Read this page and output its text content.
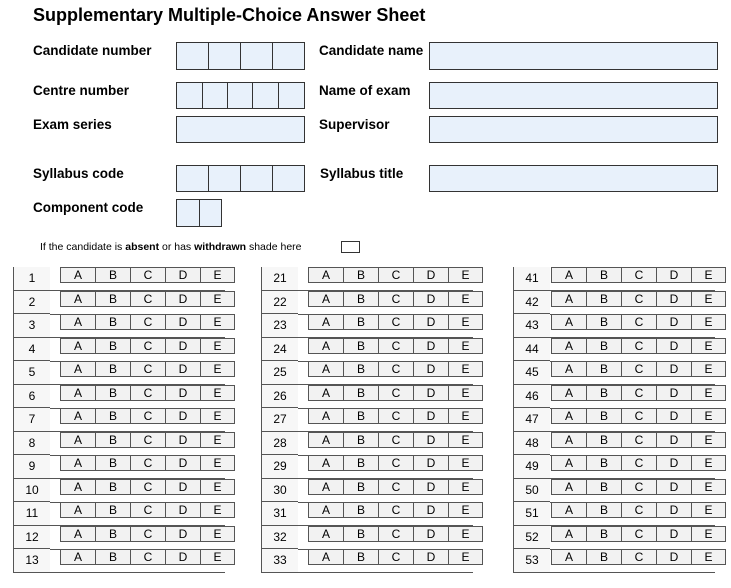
Supplementary Multiple-Choice Answer Sheet
Candidate number
Centre number
Exam series
Syllabus code
Component code
Candidate name
Name of exam
Supervisor
Syllabus title
If the candidate is absent or has withdrawn shade here
1	A	B	C	D	E
2	A	B	C	D	E
3	A	B	C	D	E
4	A	B	C	D	E
5	A	B	C	D	E
6	A	B	C	D	E
7	A	B	C	D	E
8	A	B	C	D	E
9	A	B	C	D	E
10	A	B	C	D	E
11	A	B	C	D	E
12	A	B	C	D	E
13	A	B	C	D	E
21	A	B	C	D	E
22	A	B	C	D	E
23	A	B	C	D	E
24	A	B	C	D	E
25	A	B	C	D	E
26	A	B	C	D	E
27	A	B	C	D	E
28	A	B	C	D	E
29	A	B	C	D	E
30	A	B	C	D	E
31	A	B	C	D	E
32	A	B	C	D	E
33	A	B	C	D	E
41	A	B	C	D	E
42	A	B	C	D	E
43	A	B	C	D	E
44	A	B	C	D	E
45	A	B	C	D	E
46	A	B	C	D	E
47	A	B	C	D	E
48	A	B	C	D	E
49	A	B	C	D	E
50	A	B	C	D	E
51	A	B	C	D	E
52	A	B	C	D	E
53	A	B	C	D	E
